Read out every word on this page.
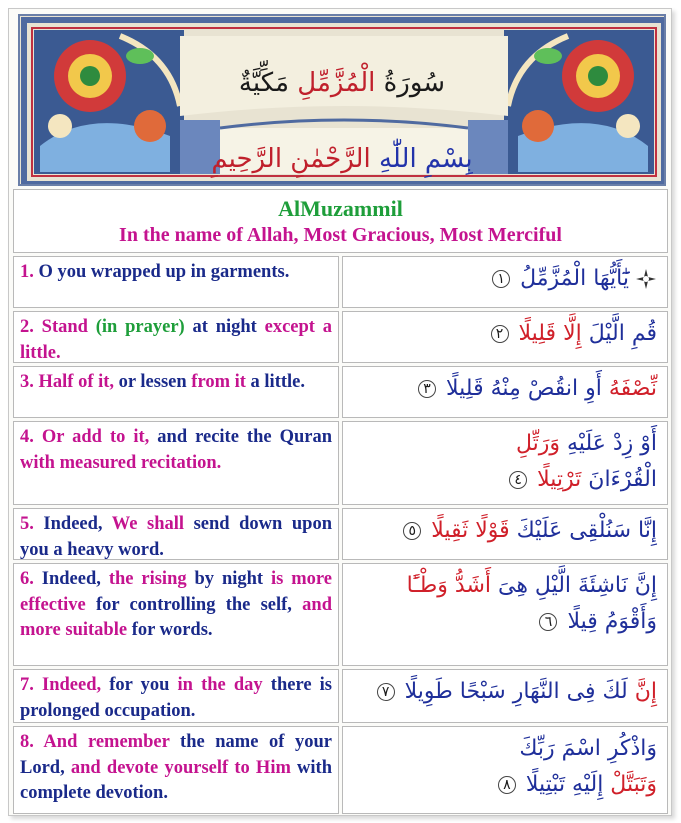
سُورَةُ الْمُزَّمِّلِ مَكِّيَّةٌ
بِسْمِ اللّٰهِ الرَّحْمٰنِ الرَّحِيمِ
AlMuzammil
In the name of Allah, Most Gracious, Most Merciful
1. O you wrapped up in garments.	يَٰٓأَيُّهَا الْمُزَّمِّلُ ١
2. Stand (in prayer) at night except a little.
قُمِ الَّيْلَ إِلَّا قَلِيلًا ٢
3. Half of it, or lessen from it a little.	نِّصْفَهُ أَوِ انقُصْ مِنْهُ قَلِيلًا ٣
4. Or add to it, and recite the Quran with measured recitation.
أَوْ زِدْ عَلَيْهِ وَرَتِّلِ
الْقُرْءَانَ تَرْتِيلًا ٤
5. Indeed, We shall send down upon you a heavy word.
إِنَّا سَنُلْقِى عَلَيْكَ قَوْلًا ثَقِيلًا ٥
6. Indeed, the rising by night is more effective for controlling the self, and more suitable for words.
إِنَّ نَاشِئَةَ الَّيْلِ هِىَ أَشَدُّ وَطْـًٔا
وَأَقْوَمُ قِيلًا ٦
7. Indeed, for you in the day there is prolonged occupation.
إِنَّ لَكَ فِى النَّهَارِ سَبْحًا طَوِيلًا ٧
8. And remember the name of your Lord, and devote yourself to Him with complete devotion.
وَاذْكُرِ اسْمَ رَبِّكَ
وَتَبَتَّلْ إِلَيْهِ تَبْتِيلًا ٨
